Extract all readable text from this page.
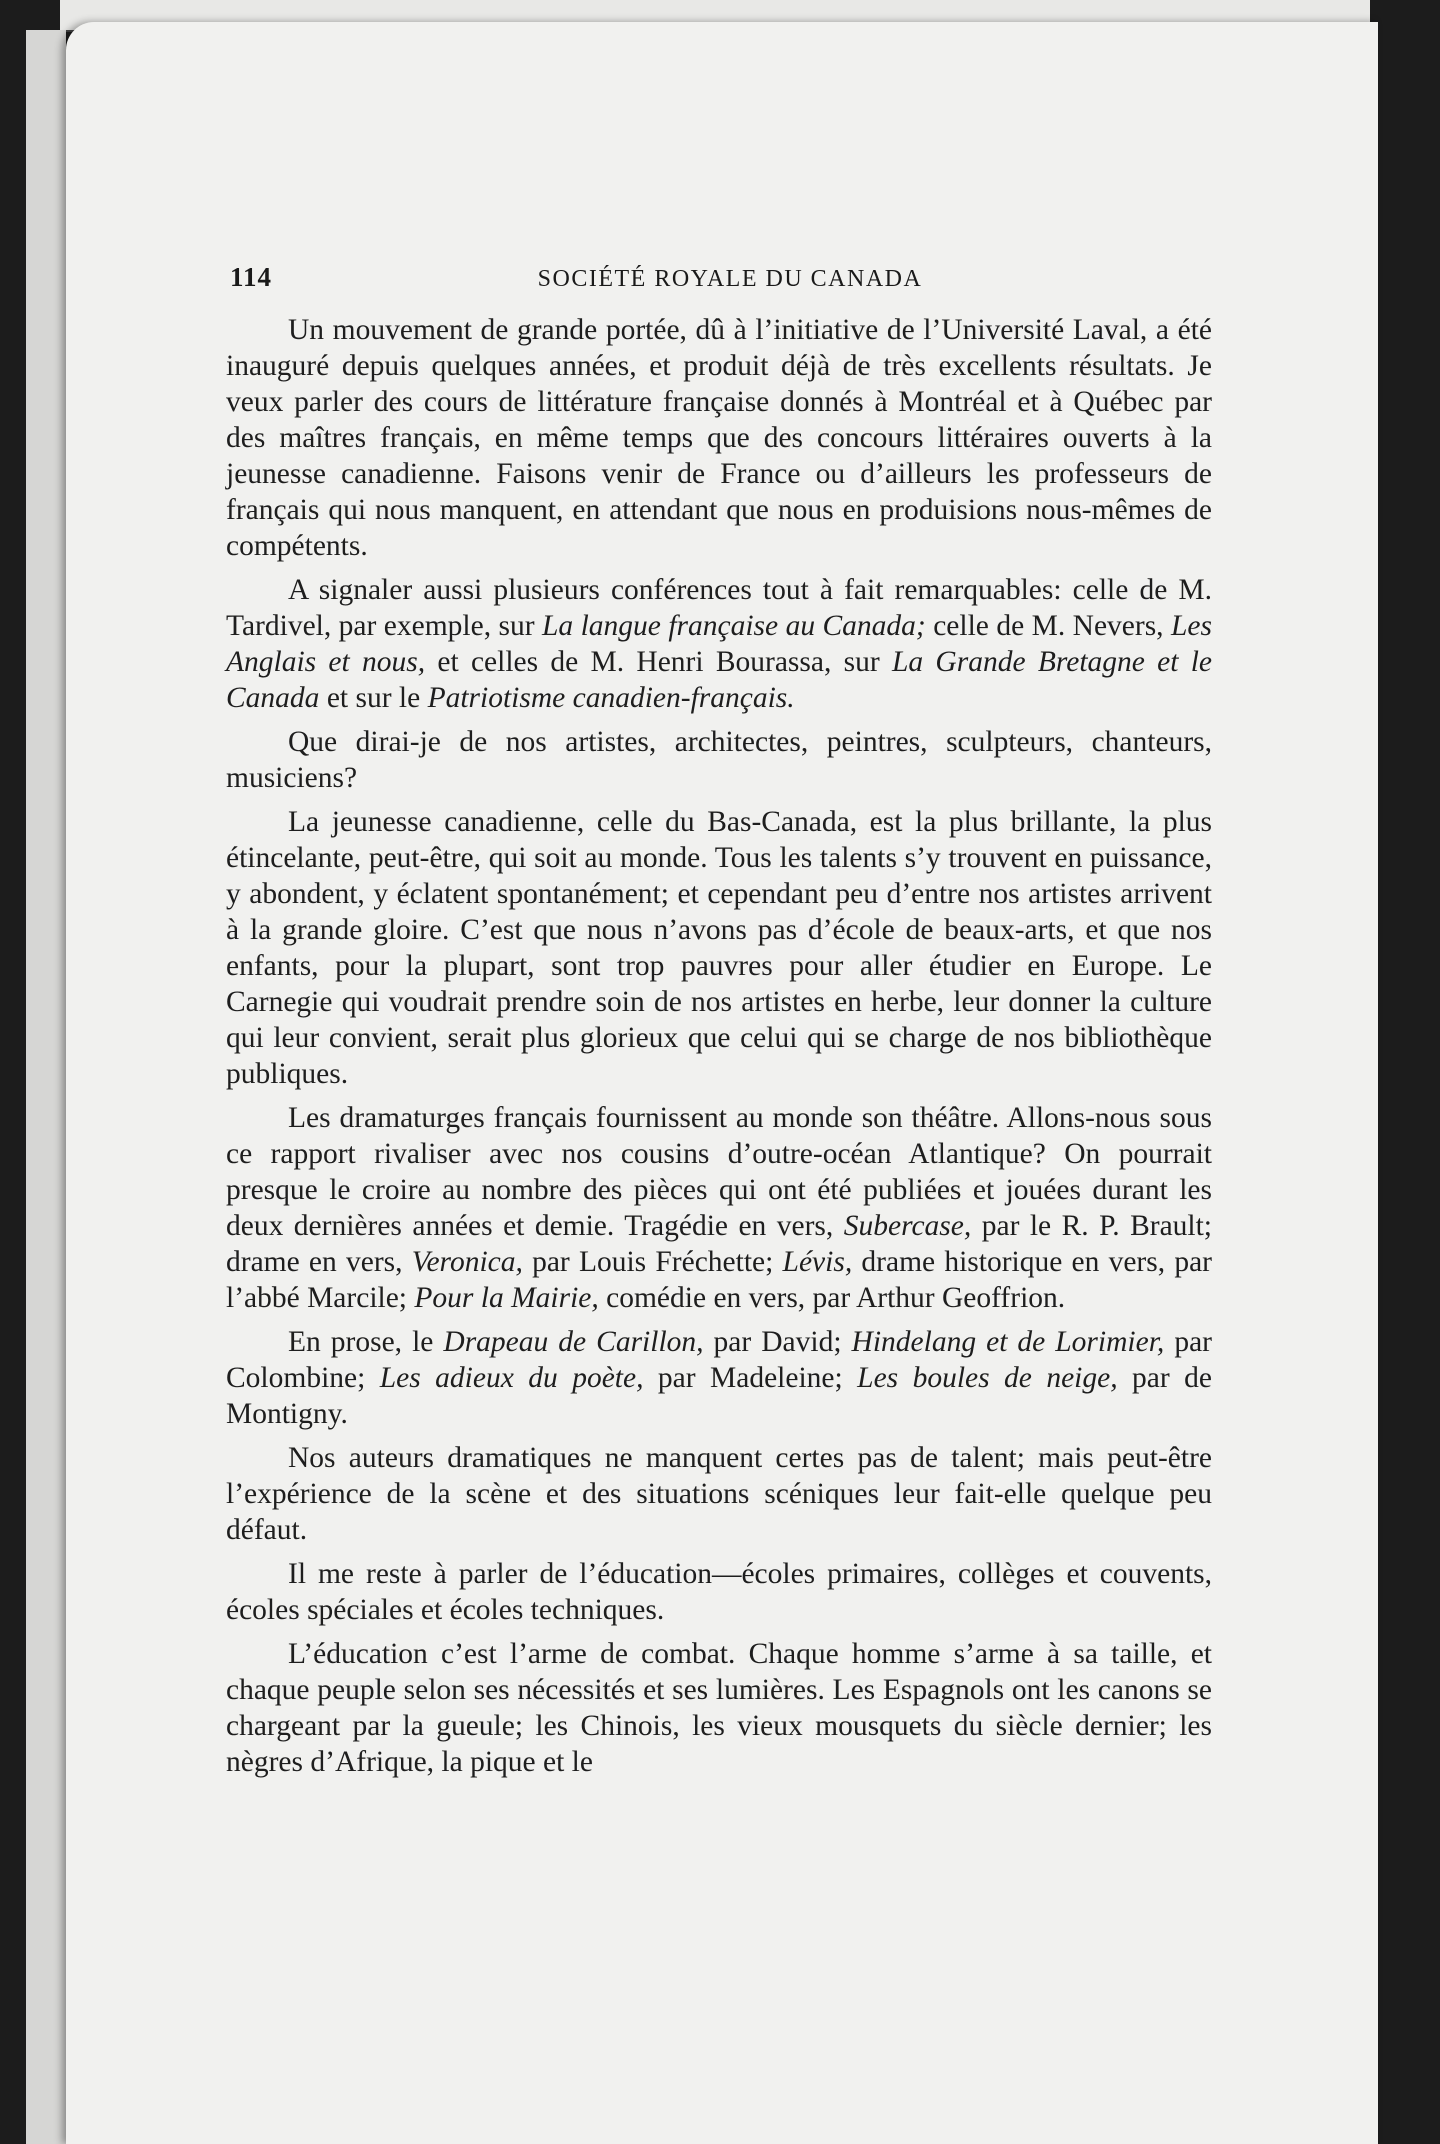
114	SOCIÉTÉ ROYALE DU CANADA

Un mouvement de grande portée, dû à l’initiative de l’Université Laval, a été inauguré depuis quelques années, et produit déjà de très excellents résultats. Je veux parler des cours de littérature française donnés à Montréal et à Québec par des maîtres français, en même temps que des concours littéraires ouverts à la jeunesse canadienne. Faisons venir de France ou d’ailleurs les professeurs de français qui nous manquent, en attendant que nous en produisions nous-mêmes de compétents.

A signaler aussi plusieurs conférences tout à fait remarquables: celle de M. Tardivel, par exemple, sur La langue française au Canada; celle de M. Nevers, Les Anglais et nous, et celles de M. Henri Bourassa, sur La Grande Bretagne et le Canada et sur le Patriotisme canadien-français.

Que dirai-je de nos artistes, architectes, peintres, sculpteurs, chanteurs, musiciens?

La jeunesse canadienne, celle du Bas-Canada, est la plus brillante, la plus étincelante, peut-être, qui soit au monde. Tous les talents s’y trouvent en puissance, y abondent, y éclatent spontanément; et cependant peu d’entre nos artistes arrivent à la grande gloire. C’est que nous n’avons pas d’école de beaux-arts, et que nos enfants, pour la plupart, sont trop pauvres pour aller étudier en Europe. Le Carnegie qui voudrait prendre soin de nos artistes en herbe, leur donner la culture qui leur convient, serait plus glorieux que celui qui se charge de nos bibliothèque publiques.

Les dramaturges français fournissent au monde son théâtre. Allons-nous sous ce rapport rivaliser avec nos cousins d’outre-océan Atlantique? On pourrait presque le croire au nombre des pièces qui ont été publiées et jouées durant les deux dernières années et demie. Tragédie en vers, Subercase, par le R. P. Brault; drame en vers, Veronica, par Louis Fréchette; Lévis, drame historique en vers, par l’abbé Marcile; Pour la Mairie, comédie en vers, par Arthur Geoffrion.

En prose, le Drapeau de Carillon, par David; Hindelang et de Lorimier, par Colombine; Les adieux du poète, par Madeleine; Les boules de neige, par de Montigny.

Nos auteurs dramatiques ne manquent certes pas de talent; mais peut-être l’expérience de la scène et des situations scéniques leur fait-elle quelque peu défaut.

Il me reste à parler de l’éducation—écoles primaires, collèges et couvents, écoles spéciales et écoles techniques.

L’éducation c’est l’arme de combat. Chaque homme s’arme à sa taille, et chaque peuple selon ses nécessités et ses lumières. Les Espagnols ont les canons se chargeant par la gueule; les Chinois, les vieux mousquets du siècle dernier; les nègres d’Afrique, la pique et le
